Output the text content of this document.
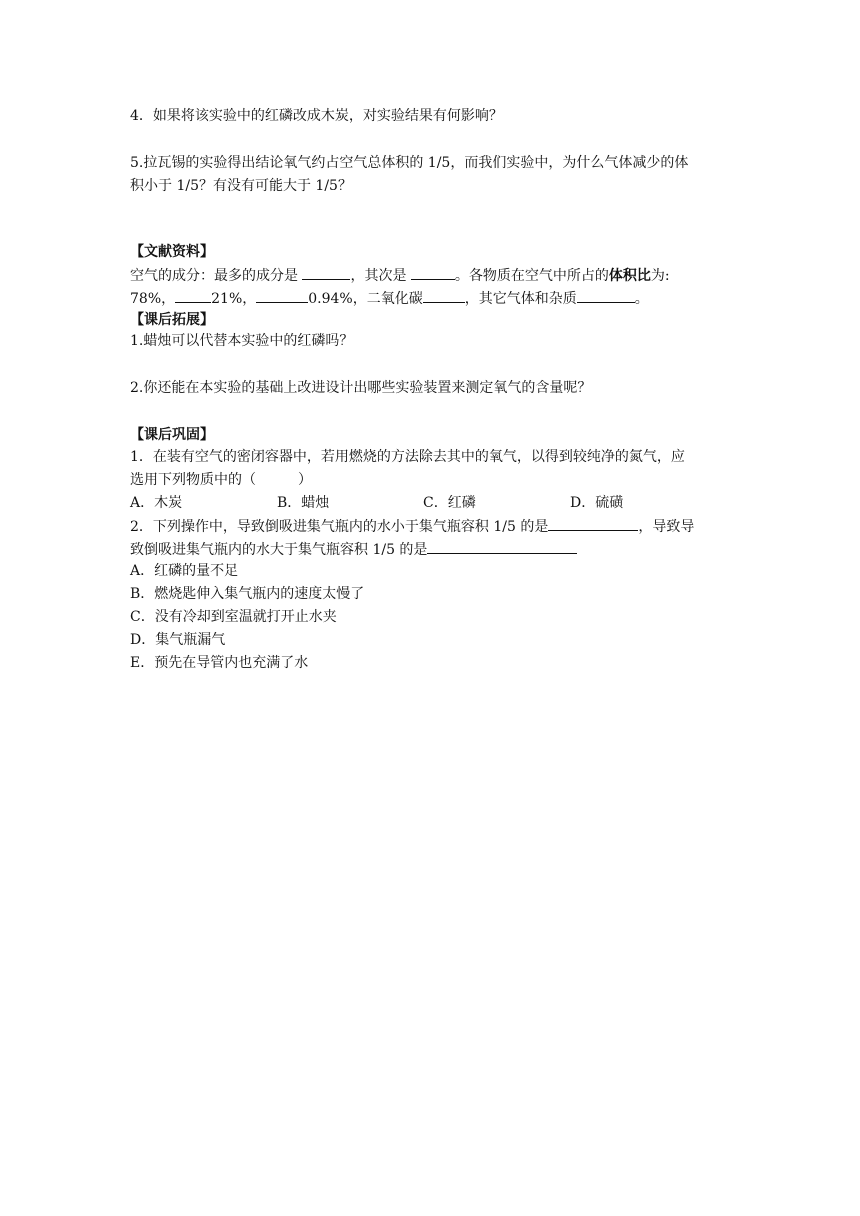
4．如果将该实验中的红磷改成木炭，对实验结果有何影响？
5.拉瓦锡的实验得出结论氧气约占空气总体积的 1/5，而我们实验中，为什么气体减少的体
积小于 1/5？有没有可能大于 1/5？
【文献资料】
空气的成分：最多的成分是	，其次是	。各物质在空气中所占的体积比为:
78%，	21%，	0.94%，二氧化碳	，其它气体和杂质	。
【课后拓展】
1.蜡烛可以代替本实验中的红磷吗？
2.你还能在本实验的基础上改进设计出哪些实验装置来测定氧气的含量呢？
【课后巩固】
1．在装有空气的密闭容器中，若用燃烧的方法除去其中的氧气，以得到较纯净的氮气，应
选用下列物质中的（　　　）
A．木炭	B．蜡烛	C．红磷	D．硫磺
2．下列操作中，导致倒吸进集气瓶内的水小于集气瓶容积 1/5 的是	，导致导
致倒吸进集气瓶内的水大于集气瓶容积 1/5 的是
A．红磷的量不足
B．燃烧匙伸入集气瓶内的速度太慢了
C．没有冷却到室温就打开止水夹
D．集气瓶漏气
E．预先在导管内也充满了水
